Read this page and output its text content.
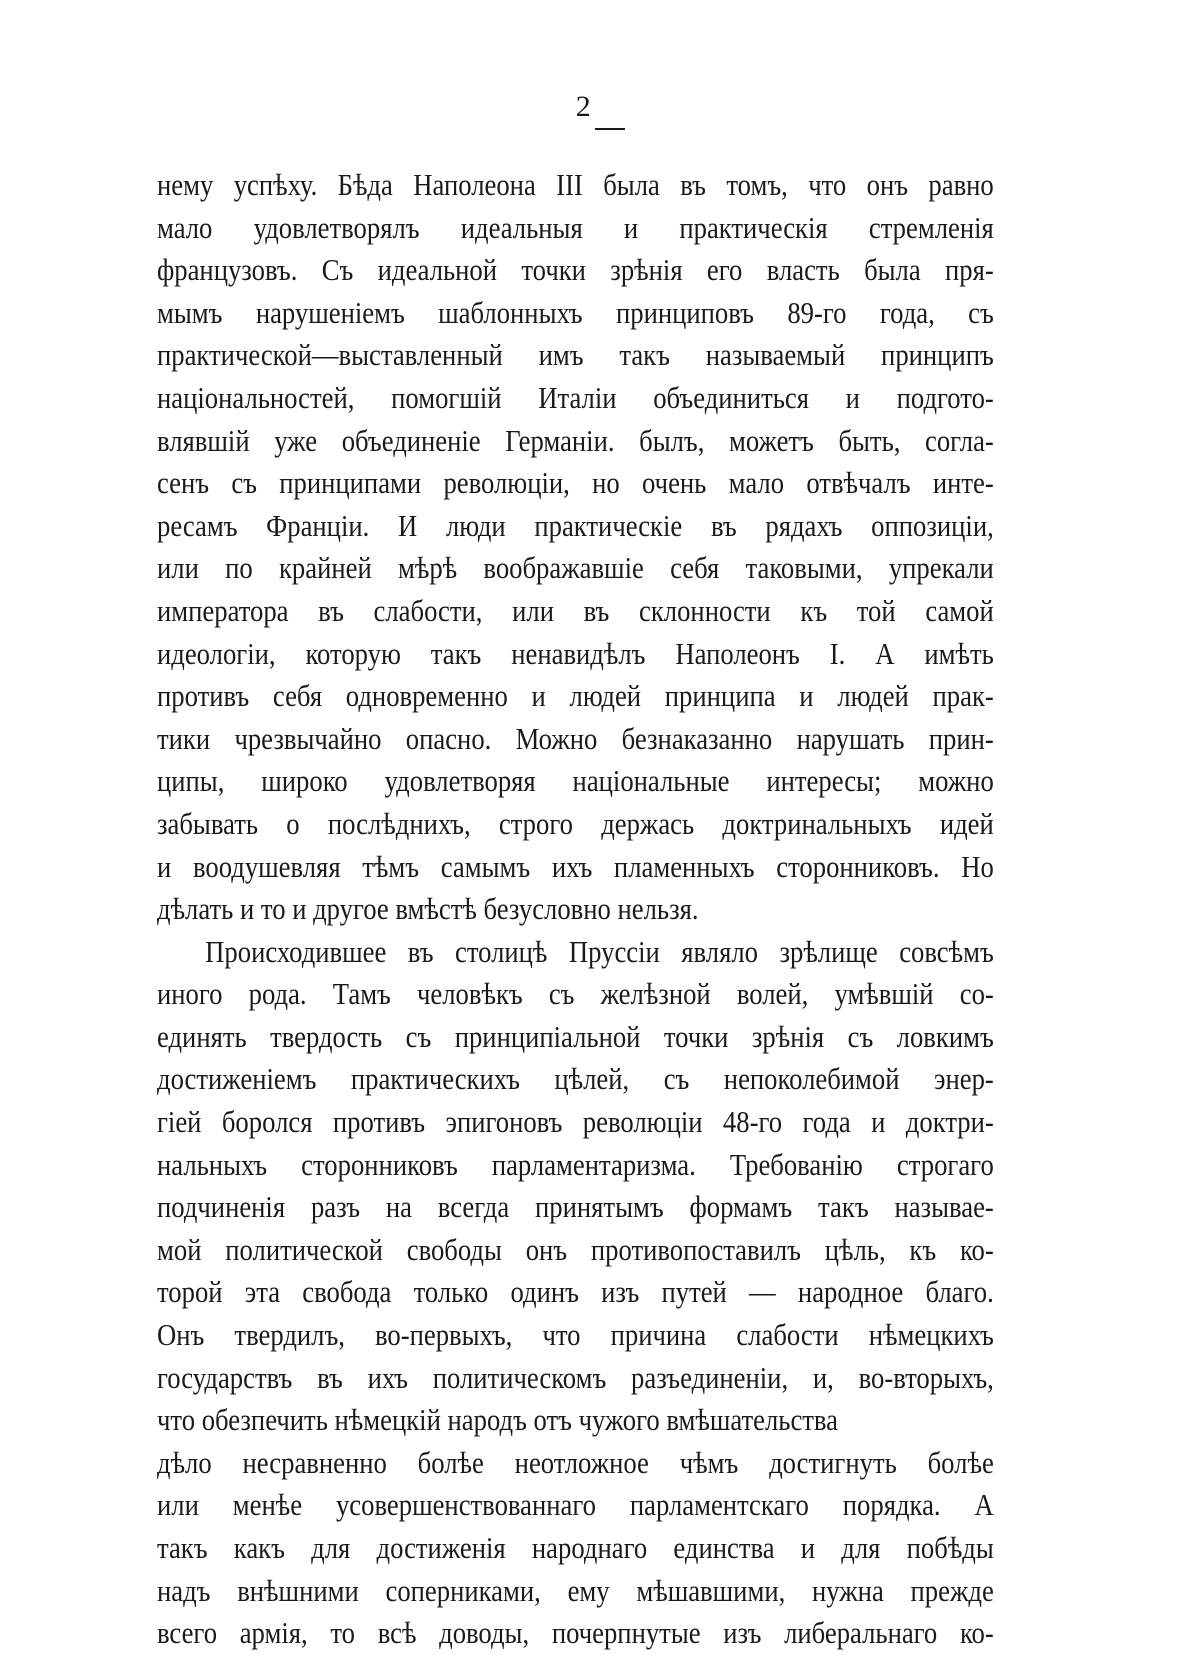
2
нему успѣху. Бѣда Наполеона III была въ томъ, что онъ равно
мало удовлетворялъ идеальныя и практическія стремленія
французовъ. Съ идеальной точки зрѣнія его власть была пря-
мымъ нарушеніемъ шаблонныхъ принциповъ 89-го года, съ
практической—выставленный имъ такъ называемый принципъ
національностей, помогшій Италіи объединиться и подгото-
влявшій уже объединеніе Германіи. былъ, можетъ быть, согла-
сенъ съ принципами революціи, но очень мало отвѣчалъ инте-
ресамъ Франціи. И люди практическіе въ рядахъ оппозиціи,
или по крайней мѣрѣ воображавшіе себя таковыми, упрекали
императора въ слабости, или въ склонности къ той самой
идеологіи, которую такъ ненавидѣлъ Наполеонъ I. А имѣть
противъ себя одновременно и людей принципа и людей прак-
тики чрезвычайно опасно. Можно безнаказанно нарушать прин-
ципы, широко удовлетворяя національные интересы; можно
забывать о послѣднихъ, строго держась доктринальныхъ идей
и воодушевляя тѣмъ самымъ ихъ пламенныхъ сторонниковъ. Но
дѣлать и то и другое вмѣстѣ безусловно нельзя.
Происходившее въ столицѣ Пруссіи являло зрѣлище совсѣмъ
иного рода. Тамъ человѣкъ съ желѣзной волей, умѣвшій со-
единять твердость съ принципіальной точки зрѣнія съ ловкимъ
достиженіемъ практическихъ цѣлей, съ непоколебимой энер-
гіей боролся противъ эпигоновъ революціи 48-го года и доктри-
нальныхъ сторонниковъ парламентаризма. Требованію строгаго
подчиненія разъ на всегда принятымъ формамъ такъ называе-
мой политической свободы онъ противопоставилъ цѣль, къ ко-
торой эта свобода только одинъ изъ путей — народное благо.
Онъ твердилъ, во-первыхъ, что причина слабости нѣмецкихъ
государствъ въ ихъ политическомъ разъединеніи, и, во-вторыхъ,
что обезпечить нѣмецкій народъ отъ чужого вмѣшательства
дѣло несравненно болѣе неотложное чѣмъ достигнуть болѣе
или менѣе усовершенствованнаго парламентскаго порядка. А
такъ какъ для достиженія народнаго единства и для побѣды
надъ внѣшними соперниками, ему мѣшавшими, нужна прежде
всего армія, то всѣ доводы, почерпнутые изъ либеральнаго ко-
